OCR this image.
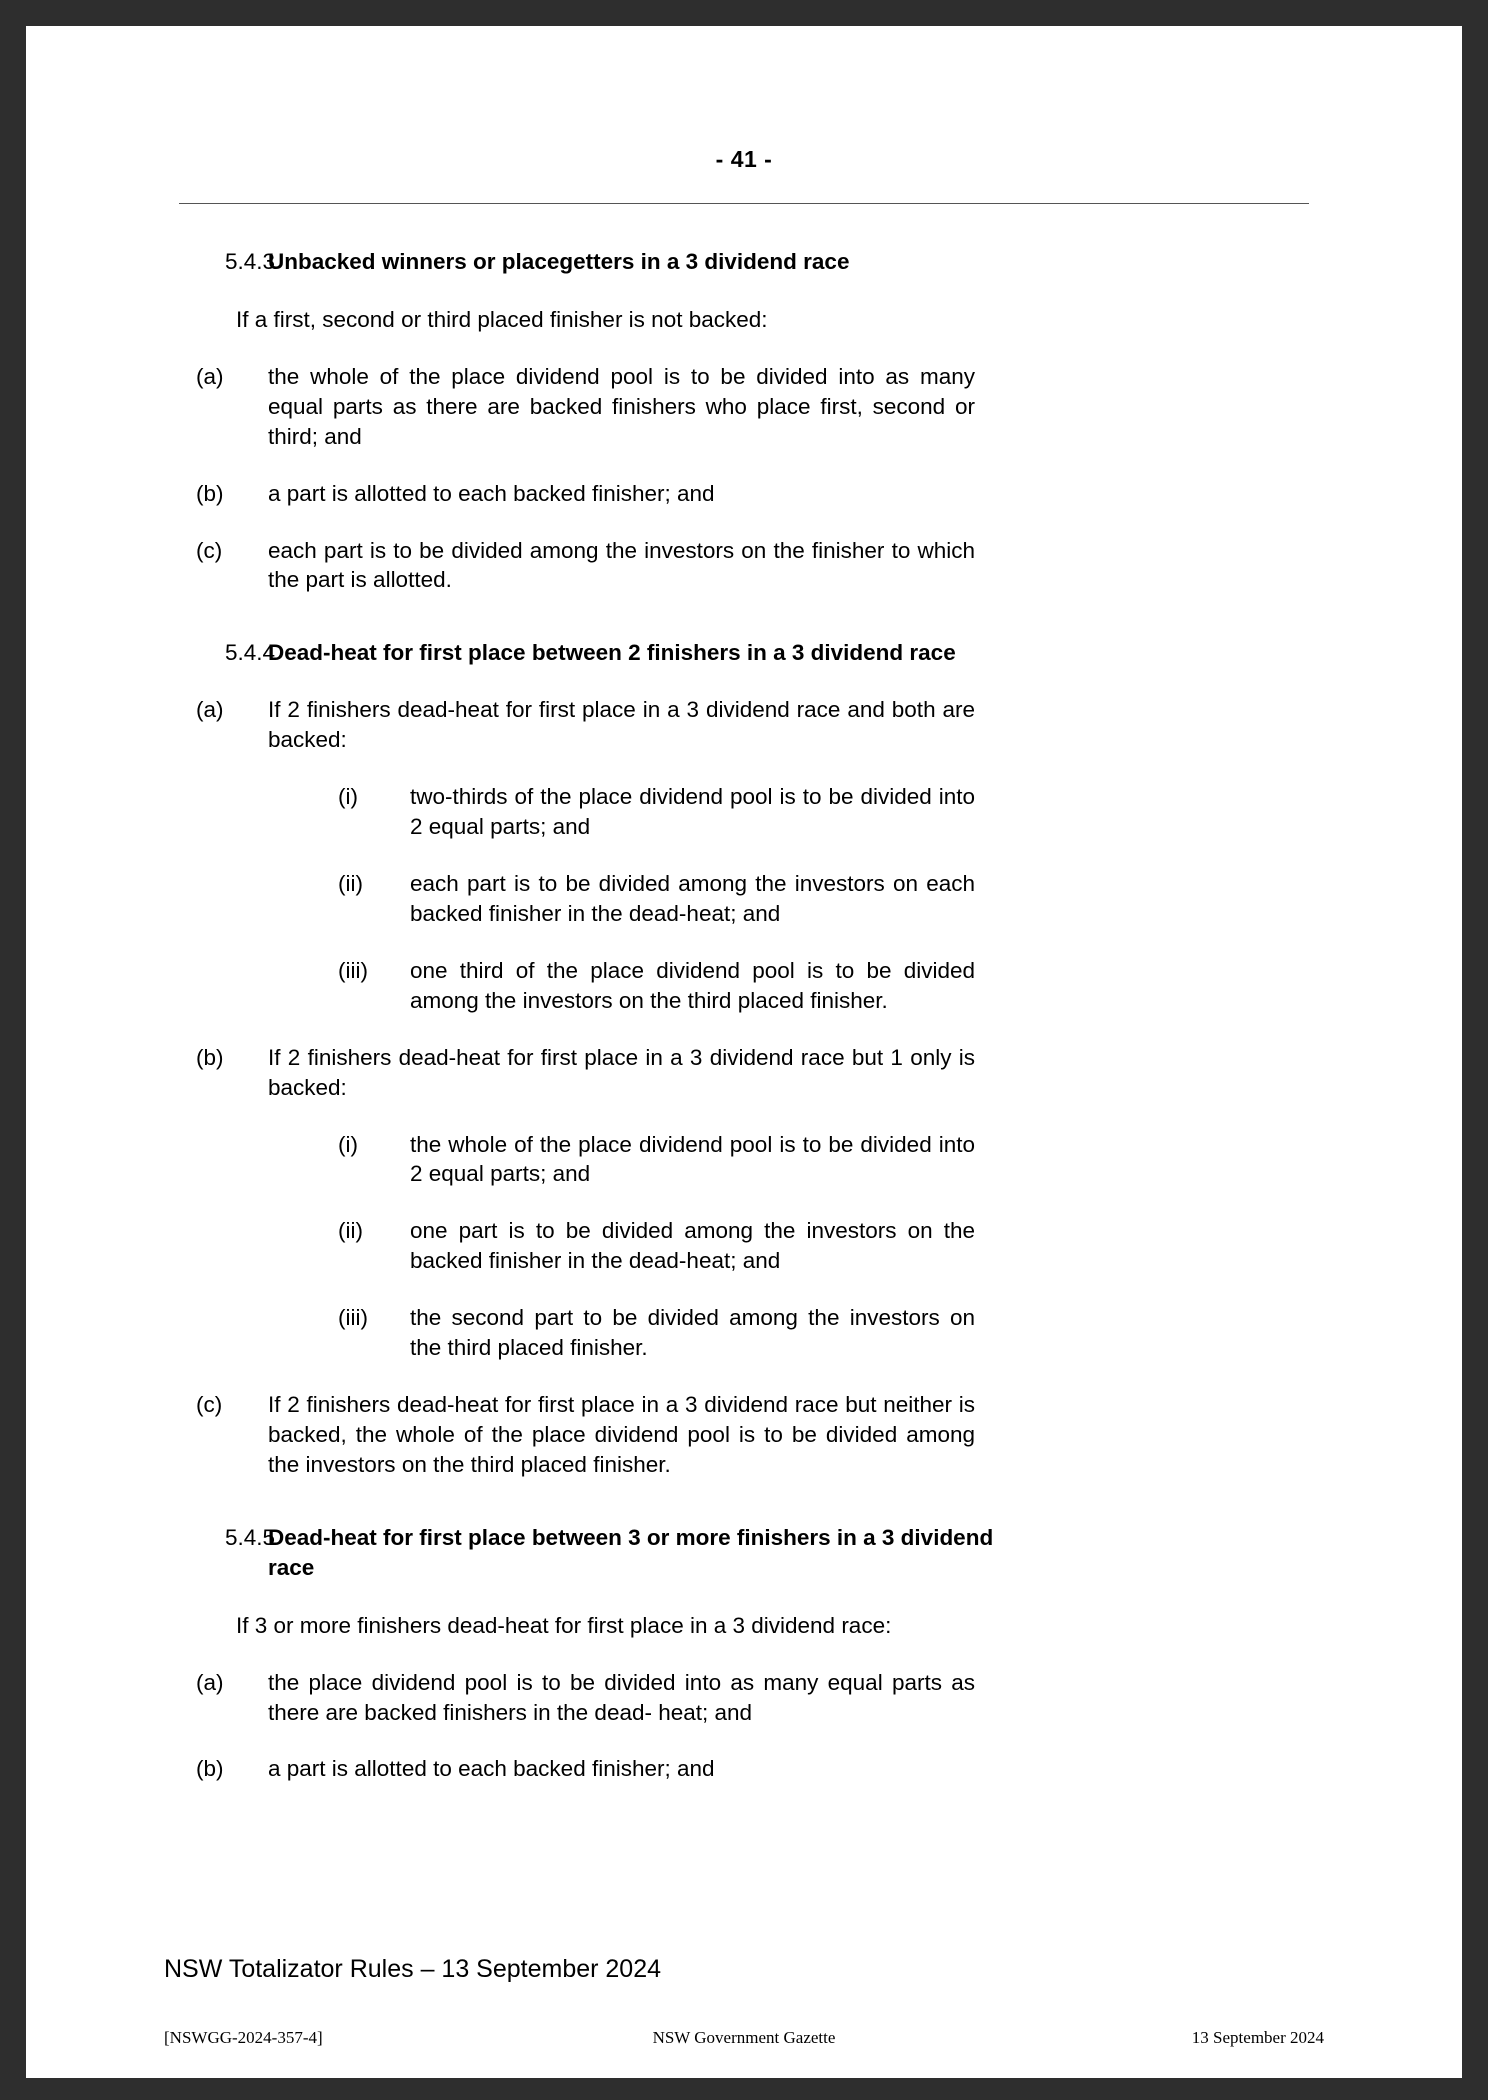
- 41 -
5.4.3
Unbacked winners or placegetters in a 3 dividend race
If a first, second or third placed finisher is not backed:
(a)	the whole of the place dividend pool is to be divided into as many equal parts as there are backed finishers who place first, second or third; and
(b)	a part is allotted to each backed finisher; and
(c)	each part is to be divided among the investors on the finisher to which the part is allotted.
5.4.4
Dead-heat for first place between 2 finishers in a 3 dividend race
(a)	If 2 finishers dead-heat for first place in a 3 dividend race and both are backed:
(i)	two-thirds of the place dividend pool is to be divided into 2 equal parts; and
(ii)	each part is to be divided among the investors on each backed finisher in the dead-heat; and
(iii)	one third of the place dividend pool is to be divided among the investors on the third placed finisher.
(b)	If 2 finishers dead-heat for first place in a 3 dividend race but 1 only is backed:
(i)	the whole of the place dividend pool is to be divided into 2 equal parts; and
(ii)	one part is to be divided among the investors on the backed finisher in the dead-heat; and
(iii)	the second part to be divided among the investors on the third placed finisher.
(c)	If 2 finishers dead-heat for first place in a 3 dividend race but neither is backed, the whole of the place dividend pool is to be divided among the investors on the third placed finisher.
5.4.5
Dead-heat for first place between 3 or more finishers in a 3 dividend race
If 3 or more finishers dead-heat for first place in a 3 dividend race:
(a)	the place dividend pool is to be divided into as many equal parts as there are backed finishers in the dead- heat; and
(b)	a part is allotted to each backed finisher; and
NSW Totalizator Rules – 13 September 2024
[NSWGG-2024-357-4]	NSW Government Gazette	13 September 2024
